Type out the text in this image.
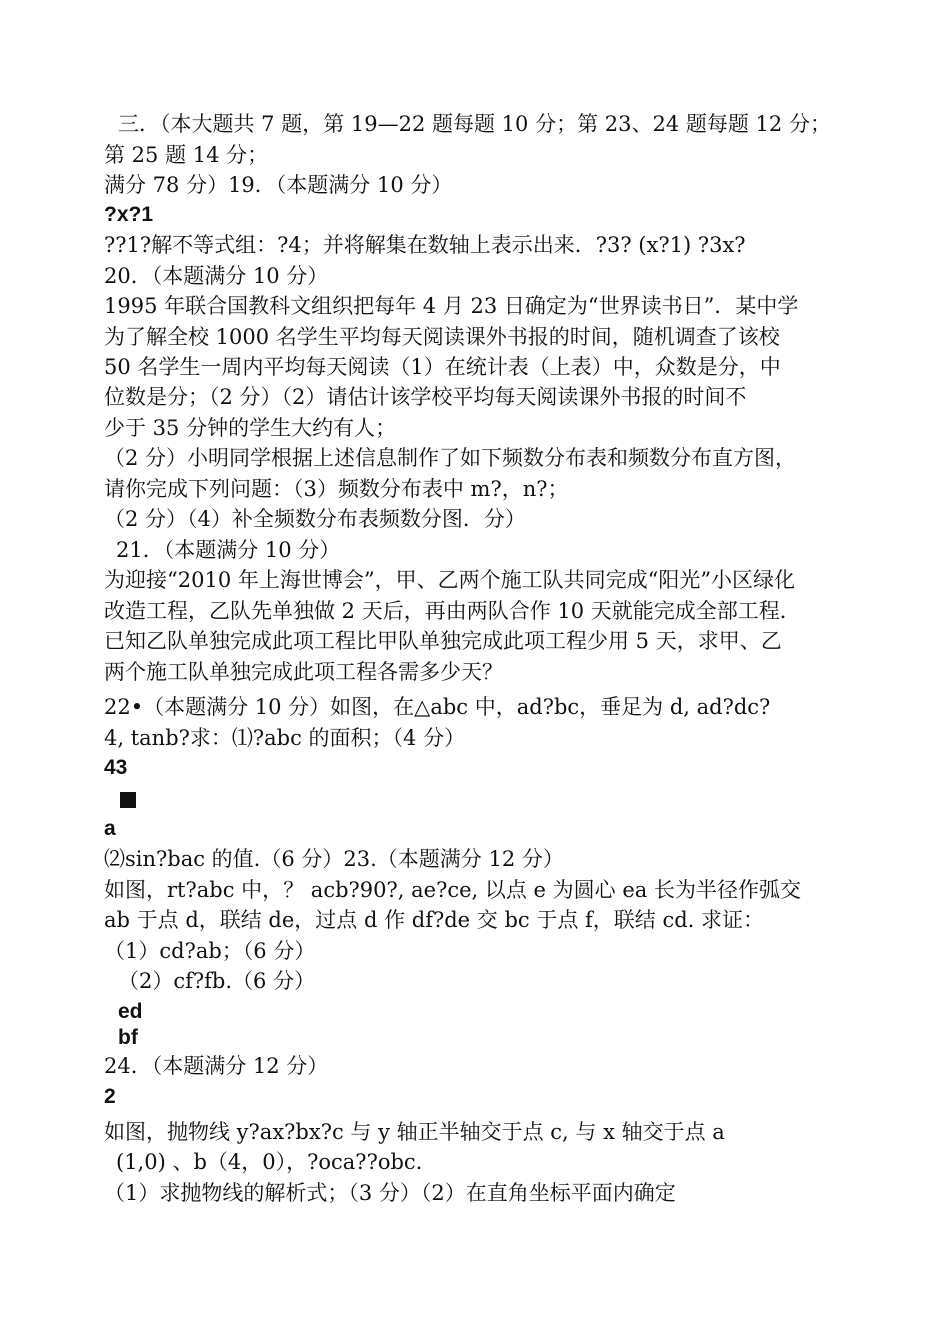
三．（本大题共 7 题，第 19—22 题每题 10 分；第 23、24 题每题 12 分；
第 25 题 14 分；
满分 78 分）19．（本题满分 10 分）
?x?1
??1?解不等式组：?4；并将解集在数轴上表示出来．?3? (x?1) ?3x?
20．（本题满分 10 分）
1995 年联合国教科文组织把每年 4 月 23 日确定为“世界读书日”．某中学
为了解全校 1000 名学生平均每天阅读课外书报的时间，随机调查了该校
50 名学生一周内平均每天阅读（1）在统计表（上表）中，众数是分，中
位数是分；（2 分）（2）请估计该学校平均每天阅读课外书报的时间不
少于 35 分钟的学生大约有人；
（2 分）小明同学根据上述信息制作了如下频数分布表和频数分布直方图，
请你完成下列问题：（3）频数分布表中 m?，n?；
（2 分）（4）补全频数分布表频数分图．分）
21．（本题满分 10 分）
为迎接“2010 年上海世博会”，甲、乙两个施工队共同完成“阳光”小区绿化
改造工程，乙队先单独做 2 天后，再由两队合作 10 天就能完成全部工程．
已知乙队单独完成此项工程比甲队单独完成此项工程少用 5 天，求甲、乙
两个施工队单独完成此项工程各需多少天？
22•（本题满分 10 分）如图，在△abc 中，ad?bc，垂足为 d, ad?dc?
4, tanb?求：⑴?abc 的面积；（4 分）
43
a
⑵sin?bac 的值.（6 分）23.（本题满分 12 分）
如图，rt?abc 中，？ acb?90?, ae?ce, 以点 e 为圆心 ea 长为半径作弧交
ab 于点 d，联结 de，过点 d 作 df?de 交 bc 于点 f，联结 cd. 求证：
（1）cd?ab；（6 分）
（2）cf?fb.（6 分）
ed
bf
24．（本题满分 12 分）
2
如图，抛物线 y?ax?bx?c 与 y 轴正半轴交于点 c, 与 x 轴交于点 a
(1,0) 、b（4，0），?oca??obc.
（1）求抛物线的解析式；（3 分）（2）在直角坐标平面内确定
